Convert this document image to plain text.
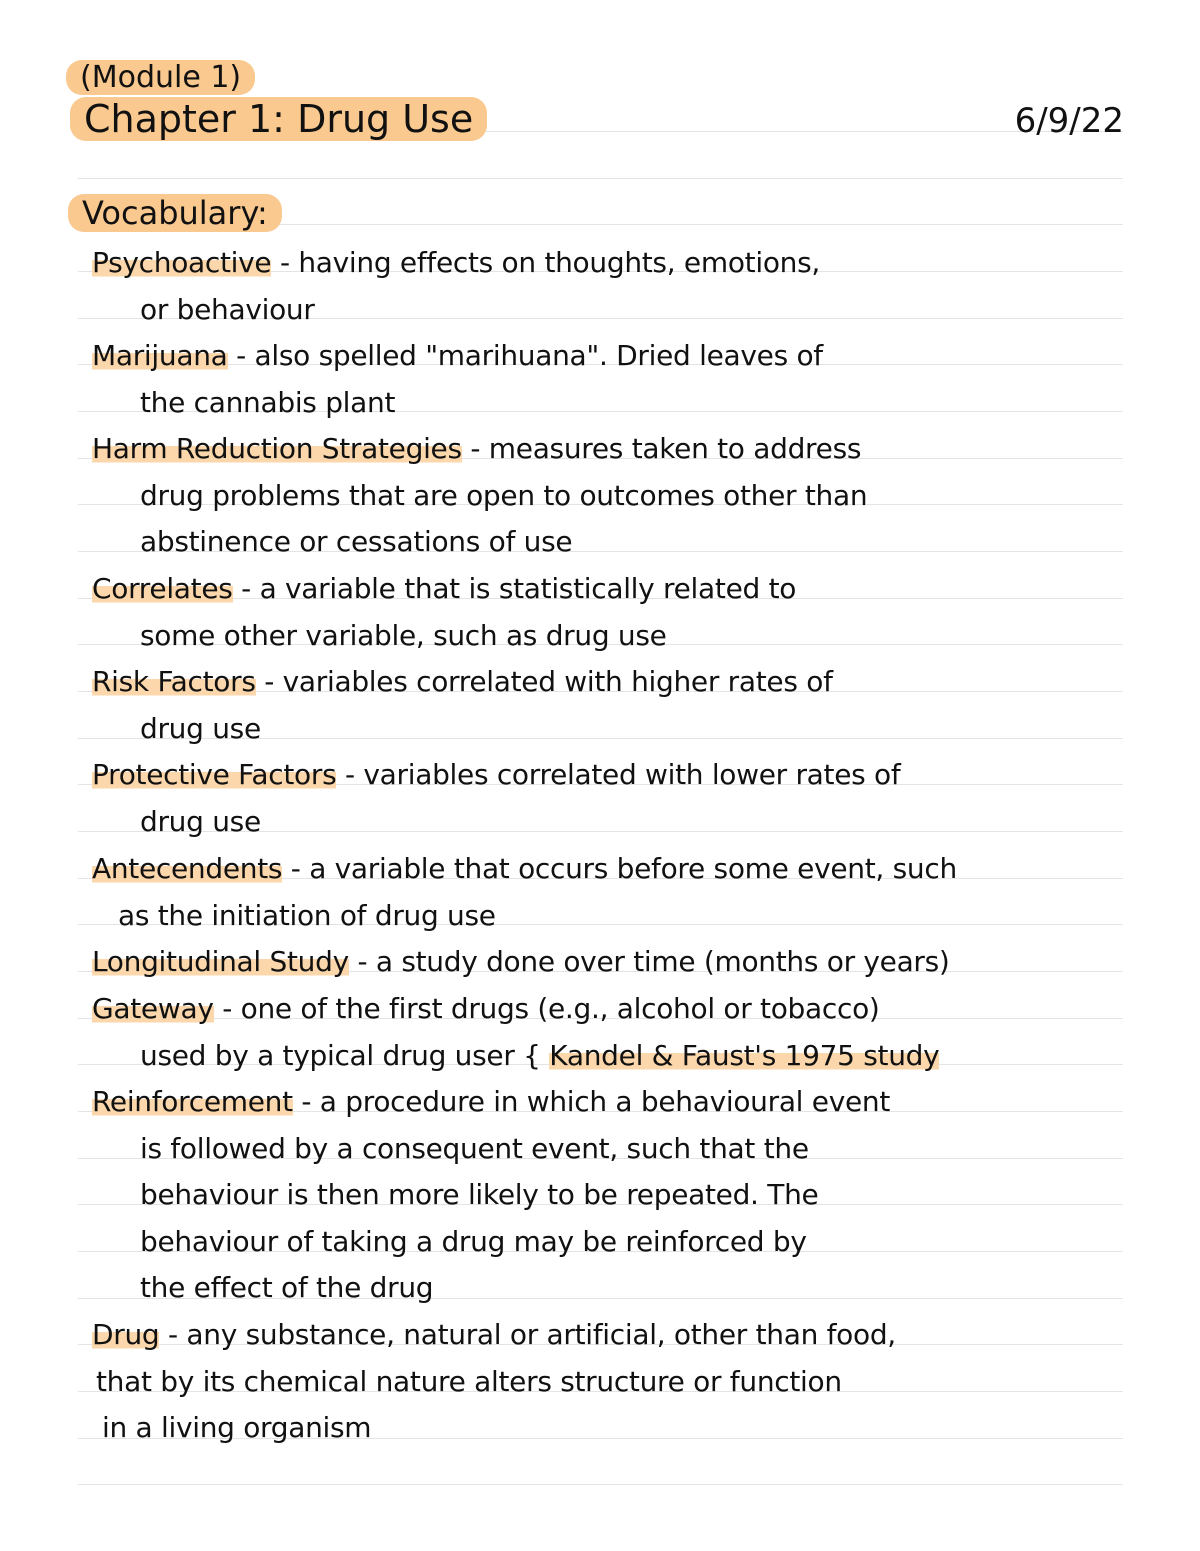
(Module 1)
Chapter 1: Drug Use	6/9/22
Vocabulary:
Psychoactive - having effects on thoughts, emotions,
or behaviour
Marijuana - also spelled "marihuana". Dried leaves of
the cannabis plant
Harm Reduction Strategies - measures taken to address
drug problems that are open to outcomes other than
abstinence or cessations of use
Correlates - a variable that is statistically related to
some other variable, such as drug use
Risk Factors - variables correlated with higher rates of
drug use
Protective Factors - variables correlated with lower rates of
drug use
Antecendents - a variable that occurs before some event, such
as the initiation of drug use
Longitudinal Study - a study done over time (months or years)
Gateway - one of the first drugs (e.g., alcohol or tobacco)
used by a typical drug user { Kandel & Faust's 1975 study
Reinforcement - a procedure in which a behavioural event
is followed by a consequent event, such that the
behaviour is then more likely to be repeated. The
behaviour of taking a drug may be reinforced by
the effect of the drug
Drug - any substance, natural or artificial, other than food,
that by its chemical nature alters structure or function
in a living organism
